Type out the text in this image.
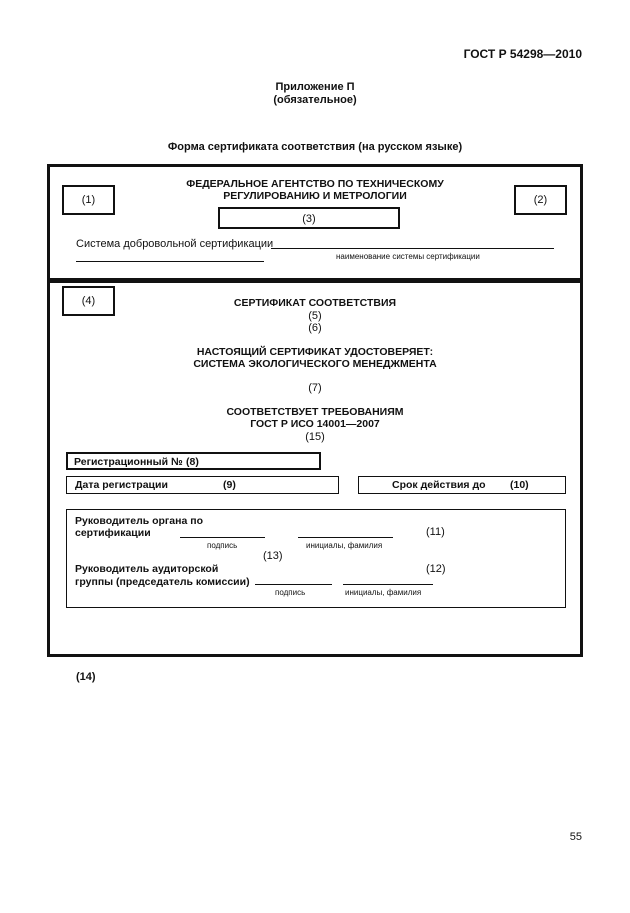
ГОСТ Р 54298—2010
Приложение П
(обязательное)
Форма сертификата соответствия (на русском языке)
(1)	(2)
ФЕДЕРАЛЬНОЕ АГЕНТСТВО ПО ТЕХНИЧЕСКОМУ
РЕГУЛИРОВАНИЮ И МЕТРОЛОГИИ
(3)
Система добровольной сертификации
наименование системы сертификации
(4)	СЕРТИФИКАТ СООТВЕТСТВИЯ
(5)
(6)
НАСТОЯЩИЙ СЕРТИФИКАТ УДОСТОВЕРЯЕТ:
СИСТЕМА ЭКОЛОГИЧЕСКОГО МЕНЕДЖМЕНТА
(7)
СООТВЕТСТВУЕТ ТРЕБОВАНИЯМ
ГОСТ Р ИСО 14001—2007
(15)
Регистрационный № (8)
Дата регистрации	(9)	Срок действия до (10)
Руководитель органа по
сертификации	(11)
подпись	инициалы, фамилия
(13)
Руководитель аудиторской
группы (председатель комиссии)
(12)
подпись	инициалы, фамилия
(14)
55
